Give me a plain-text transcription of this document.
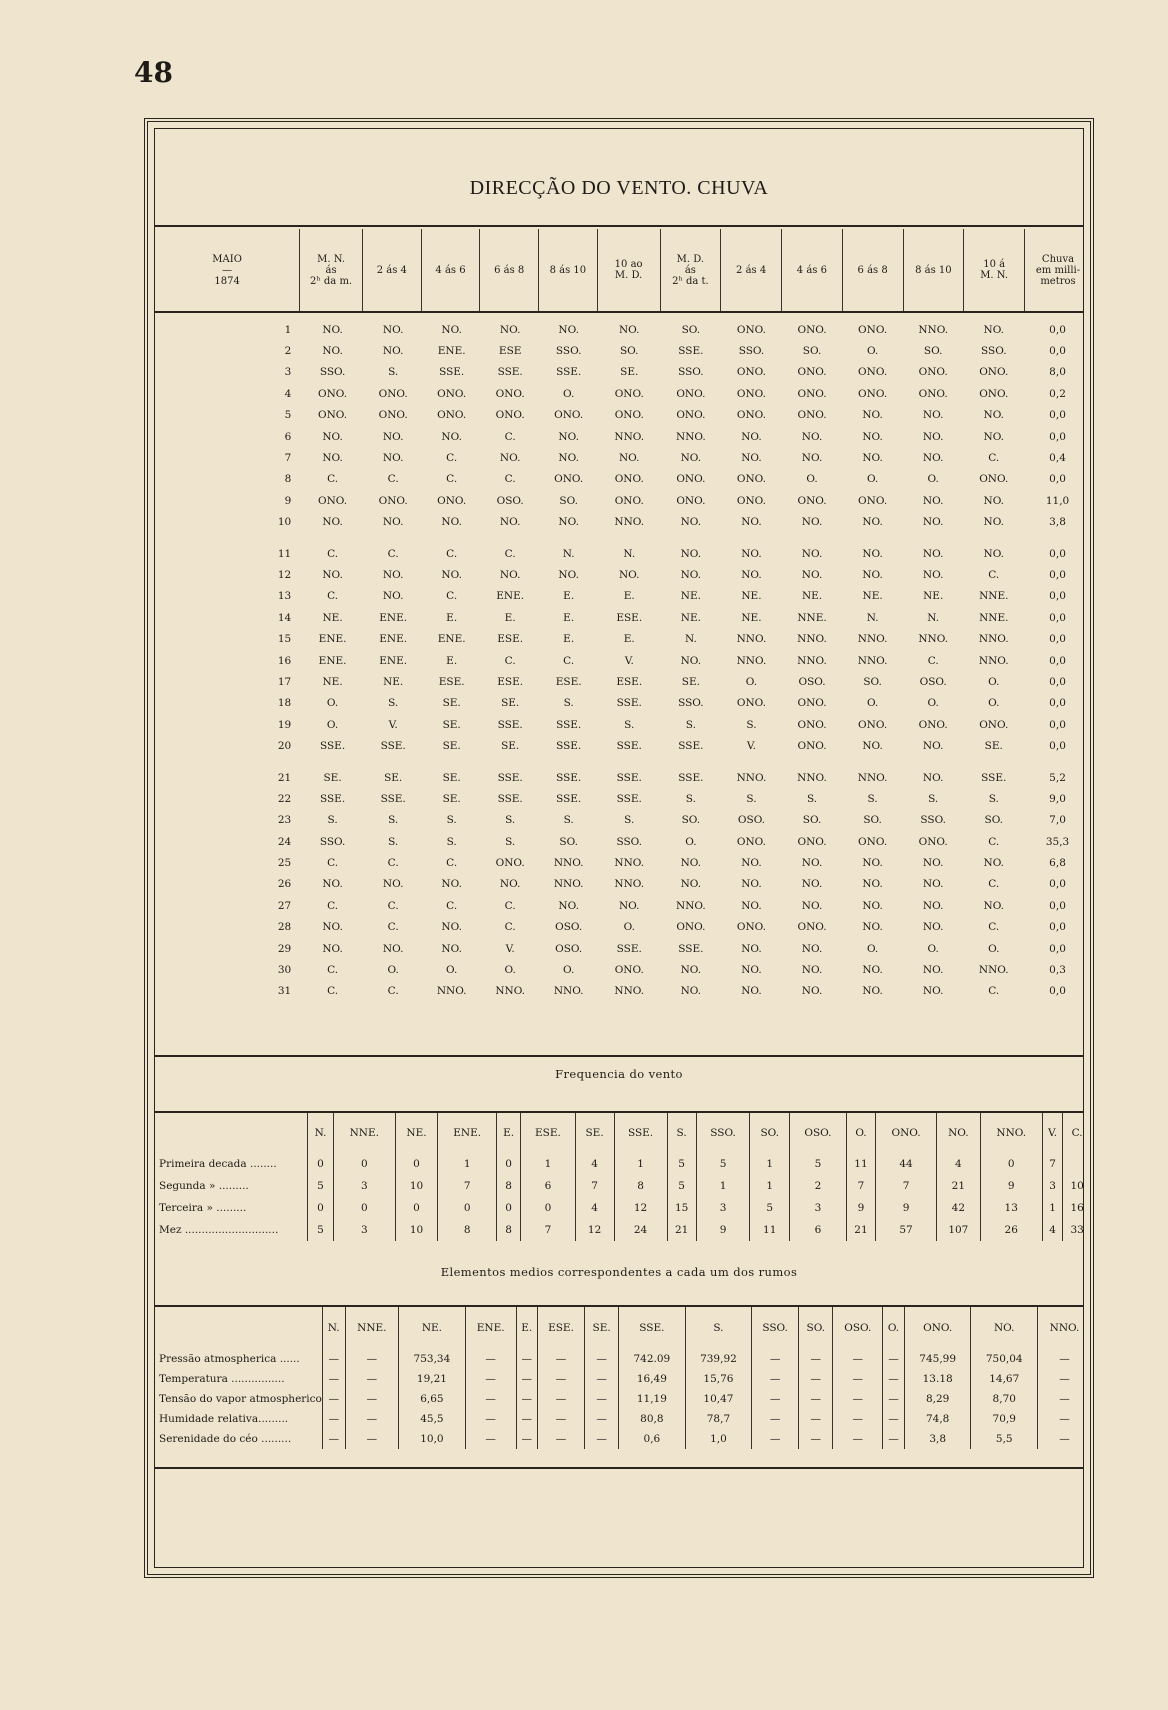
48
DIRECÇÃO DO VENTO. CHUVA
MAIO
—
1874	M. N.
ás
2ʰ da m.	2 ás 4	4 ás 6	6 ás 8	8 ás 10	10 ao
M. D.	M. D.
ás
2ʰ da t.	2 ás 4	4 ás 6	6 ás 8	8 ás 10	10 á
M. N.	Chuva
em milli-
metros
1	NO.	NO.	NO.	NO.	NO.	NO.	SO.	ONO.	ONO.	ONO.	NNO.	NO.	0,0
2	NO.	NO.	ENE.	ESE	SSO.	SO.	SSE.	SSO.	SO.	O.	SO.	SSO.	0,0
3	SSO.	S.	SSE.	SSE.	SSE.	SE.	SSO.	ONO.	ONO.	ONO.	ONO.	ONO.	8,0
4	ONO.	ONO.	ONO.	ONO.	O.	ONO.	ONO.	ONO.	ONO.	ONO.	ONO.	ONO.	0,2
5	ONO.	ONO.	ONO.	ONO.	ONO.	ONO.	ONO.	ONO.	ONO.	NO.	NO.	NO.	0,0
6	NO.	NO.	NO.	C.	NO.	NNO.	NNO.	NO.	NO.	NO.	NO.	NO.	0,0
7	NO.	NO.	C.	NO.	NO.	NO.	NO.	NO.	NO.	NO.	NO.	C.	0,4
8	C.	C.	C.	C.	ONO.	ONO.	ONO.	ONO.	O.	O.	O.	ONO.	0,0
9	ONO.	ONO.	ONO.	OSO.	SO.	ONO.	ONO.	ONO.	ONO.	ONO.	NO.	NO.	11,0
10	NO.	NO.	NO.	NO.	NO.	NNO.	NO.	NO.	NO.	NO.	NO.	NO.	3,8

11	C.	C.	C.	C.	N.	N.	NO.	NO.	NO.	NO.	NO.	NO.	0,0
12	NO.	NO.	NO.	NO.	NO.	NO.	NO.	NO.	NO.	NO.	NO.	C.	0,0
13	C.	NO.	C.	ENE.	E.	E.	NE.	NE.	NE.	NE.	NE.	NNE.	0,0
14	NE.	ENE.	E.	E.	E.	ESE.	NE.	NE.	NNE.	N.	N.	NNE.	0,0
15	ENE.	ENE.	ENE.	ESE.	E.	E.	N.	NNO.	NNO.	NNO.	NNO.	NNO.	0,0
16	ENE.	ENE.	E.	C.	C.	V.	NO.	NNO.	NNO.	NNO.	C.	NNO.	0,0
17	NE.	NE.	ESE.	ESE.	ESE.	ESE.	SE.	O.	OSO.	SO.	OSO.	O.	0,0
18	O.	S.	SE.	SE.	S.	SSE.	SSO.	ONO.	ONO.	O.	O.	O.	0,0
19	O.	V.	SE.	SSE.	SSE.	S.	S.	S.	ONO.	ONO.	ONO.	ONO.	0,0
20	SSE.	SSE.	SE.	SE.	SSE.	SSE.	SSE.	V.	ONO.	NO.	NO.	SE.	0,0

21	SE.	SE.	SE.	SSE.	SSE.	SSE.	SSE.	NNO.	NNO.	NNO.	NO.	SSE.	5,2
22	SSE.	SSE.	SE.	SSE.	SSE.	SSE.	S.	S.	S.	S.	S.	S.	9,0
23	S.	S.	S.	S.	S.	S.	SO.	OSO.	SO.	SO.	SSO.	SO.	7,0
24	SSO.	S.	S.	S.	SO.	SSO.	O.	ONO.	ONO.	ONO.	ONO.	C.	35,3
25	C.	C.	C.	ONO.	NNO.	NNO.	NO.	NO.	NO.	NO.	NO.	NO.	6,8
26	NO.	NO.	NO.	NO.	NNO.	NNO.	NO.	NO.	NO.	NO.	NO.	C.	0,0
27	C.	C.	C.	C.	NO.	NO.	NNO.	NO.	NO.	NO.	NO.	NO.	0,0
28	NO.	C.	NO.	C.	OSO.	O.	ONO.	ONO.	ONO.	NO.	NO.	C.	0,0
29	NO.	NO.	NO.	V.	OSO.	SSE.	SSE.	NO.	NO.	O.	O.	O.	0,0
30	C.	O.	O.	O.	O.	ONO.	NO.	NO.	NO.	NO.	NO.	NNO.	0,3
31	C.	C.	NNO.	NNO.	NNO.	NNO.	NO.	NO.	NO.	NO.	NO.	C.	0,0
Frequencia do vento
	N.	NNE.	NE.	ENE.	E.	ESE.	SE.	SSE.	S.	SSO.	SO.	OSO.	O.	ONO.	NO.	NNO.	V.	C.
Primeira decada ........	0	0	0	1	0	1	4	1	5	5	1	5	11	44	4	0	7	
Segunda » .........	5	3	10	7	8	6	7	8	5	1	1	2	7	7	21	9	3	10
Terceira » .........	0	0	0	0	0	0	4	12	15	3	5	3	9	9	42	13	1	16
Mez ............................	5	3	10	8	8	7	12	24	21	9	11	6	21	57	107	26	4	33
Elementos medios correspondentes a cada um dos rumos
	N.	NNE.	NE.	ENE.	E.	ESE.	SE.	SSE.	S.	SSO.	SO.	OSO.	O.	ONO.	NO.	NNO.
Pressão atmospherica ......	—	—	753,34	—	—	—	—	742.09	739,92	—	—	—	—	745,99	750,04	—
Temperatura ................	—	—	19,21	—	—	—	—	16,49	15,76	—	—	—	—	13.18	14,67	—
Tensão do vapor atmospherico	—	—	6,65	—	—	—	—	11,19	10,47	—	—	—	—	8,29	8,70	—
Humidade relativa.........	—	—	45,5	—	—	—	—	80,8	78,7	—	—	—	—	74,8	70,9	—
Serenidade do céo .........	—	—	10,0	—	—	—	—	0,6	1,0	—	—	—	—	3,8	5,5	—
